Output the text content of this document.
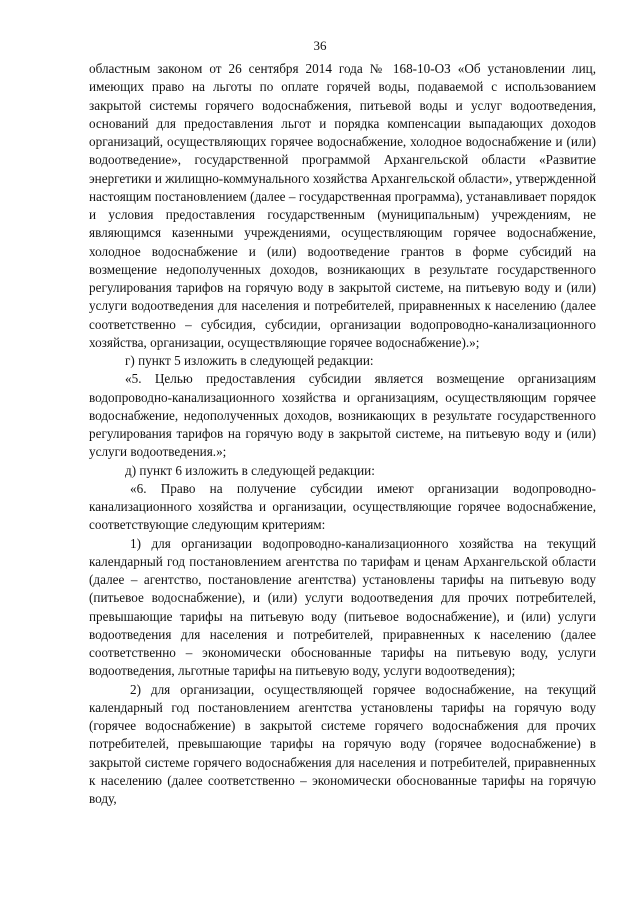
36

областным законом от 26 сентября 2014 года № 168-10-ОЗ «Об установлении лиц, имеющих право на льготы по оплате горячей воды, подаваемой с использованием закрытой системы горячего водоснабжения, питьевой воды и услуг водоотведения, оснований для предоставления льгот и порядка компенсации выпадающих доходов организаций, осуществляющих горячее водоснабжение, холодное водоснабжение и (или) водоотведение», государственной программой Архангельской области «Развитие энергетики и жилищно-коммунального хозяйства Архангельской области», утвержденной настоящим постановлением (далее – государственная программа), устанавливает порядок и условия предоставления государственным (муниципальным) учреждениям, не являющимся казенными учреждениями, осуществляющим горячее водоснабжение, холодное водоснабжение и (или) водоотведение грантов в форме субсидий на возмещение недополученных доходов, возникающих в результате государственного регулирования тарифов на горячую воду в закрытой системе, на питьевую воду и (или) услуги водоотведения для населения и потребителей, приравненных к населению (далее соответственно – субсидия, субсидии, организации водопроводно-канализационного хозяйства, организации, осуществляющие горячее водоснабжение).»;

г) пункт 5 изложить в следующей редакции:

«5. Целью предоставления субсидии является возмещение организациям водопроводно-канализационного хозяйства и организациям, осуществляющим горячее водоснабжение, недополученных доходов, возникающих в результате государственного регулирования тарифов на горячую воду в закрытой системе, на питьевую воду и (или) услуги водоотведения.»;

д) пункт 6 изложить в следующей редакции:

«6. Право на получение субсидии имеют организации водопроводно-канализационного хозяйства и организации, осуществляющие горячее водоснабжение, соответствующие следующим критериям:

1) для организации водопроводно-канализационного хозяйства на текущий календарный год постановлением агентства по тарифам и ценам Архангельской области (далее – агентство, постановление агентства) установлены тарифы на питьевую воду (питьевое водоснабжение), и (или) услуги водоотведения для прочих потребителей, превышающие тарифы на питьевую воду (питьевое водоснабжение), и (или) услуги водоотведения для населения и потребителей, приравненных к населению (далее соответственно – экономически обоснованные тарифы на питьевую воду, услуги водоотведения, льготные тарифы на питьевую воду, услуги водоотведения);

2) для организации, осуществляющей горячее водоснабжение, на текущий календарный год постановлением агентства установлены тарифы на горячую воду (горячее водоснабжение) в закрытой системе горячего водоснабжения для прочих потребителей, превышающие тарифы на горячую воду (горячее водоснабжение) в закрытой системе горячего водоснабжения для населения и потребителей, приравненных к населению (далее соответственно – экономически обоснованные тарифы на горячую воду,
